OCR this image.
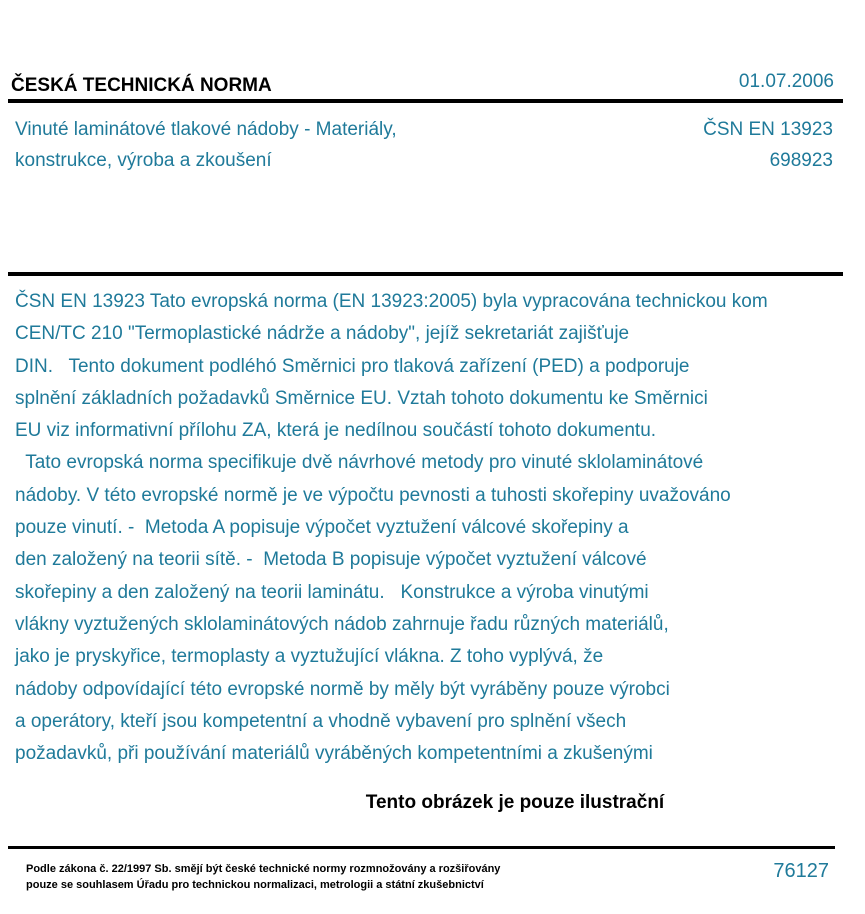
ČESKÁ TECHNICKÁ NORMA	01.07.2006
Vinuté laminátové tlakové nádoby - Materiály,
konstrukce, výroba a zkoušení
ČSN EN 13923
698923
ČSN EN 13923 Tato evropská norma (EN 13923:2005) byla vypracována technickou kom
CEN/TC 210 "Termoplastické nádrže a nádoby", jejíž sekretariát zajišťuje
DIN.   Tento dokument podléhó Směrnici pro tlaková zařízení (PED) a podporuje
splnění základních požadavků Směrnice EU. Vztah tohoto dokumentu ke Směrnici
EU viz informativní přílohu ZA, která je nedílnou součástí tohoto dokumentu.
Tato evropská norma specifikuje dvě návrhové metody pro vinuté sklolaminátové
nádoby. V této evropské normě je ve výpočtu pevnosti a tuhosti skořepiny uvažováno
pouze vinutí. -  Metoda A popisuje výpočet vyztužení válcové skořepiny a
den založený na teorii sítě. -  Metoda B popisuje výpočet vyztužení válcové
skořepiny a den založený na teorii laminátu.   Konstrukce a výroba vinutými
vlákny vyztužených sklolaminátových nádob zahrnuje řadu různých materiálů,
jako je pryskyřice, termoplasty a vyztužující vlákna. Z toho vyplývá, že
nádoby odpovídající této evropské normě by měly být vyráběny pouze výrobci
a operátory, kteří jsou kompetentní a vhodně vybavení pro splnění všech
požadavků, při používání materiálů vyráběných kompetentními a zkušenými
Tento obrázek je pouze ilustrační
Podle zákona č. 22/1997 Sb. smějí být české technické normy rozmnožovány a rozšiřovány
pouze se souhlasem Úřadu pro technickou normalizaci, metrologii a státní zkušebnictví
76127
